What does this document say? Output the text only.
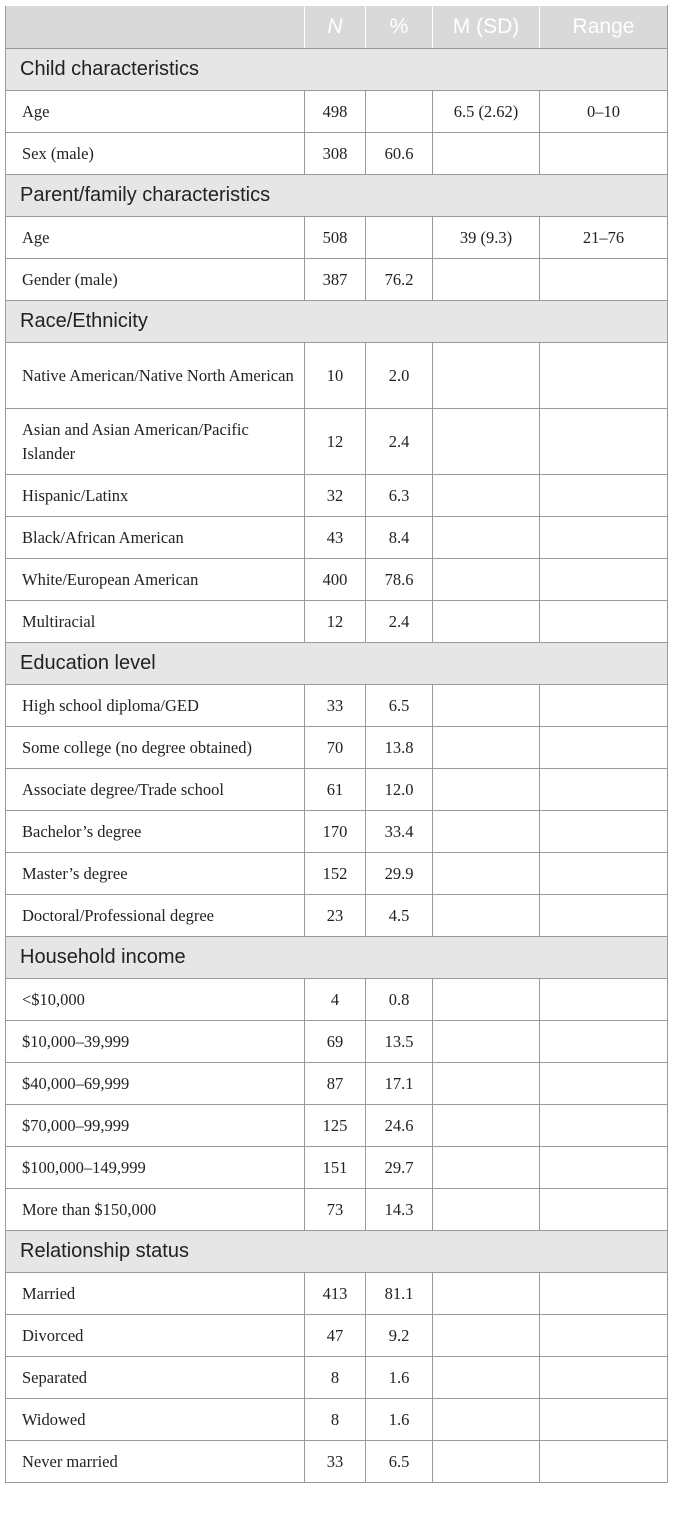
	N	%	M (SD)	Range
Child characteristics				
Age	498		6.5 (2.62)	0–10
Sex (male)	308	60.6		
Parent/family characteristics				
Age	508		39 (9.3)	21–76
Gender (male)	387	76.2		
Race/Ethnicity				
Native American/Native North American	10	2.0		
Asian and Asian American/Pacific Islander	12	2.4		
Hispanic/Latinx	32	6.3		
Black/African American	43	8.4		
White/European American	400	78.6		
Multiracial	12	2.4		
Education level				
High school diploma/GED	33	6.5		
Some college (no degree obtained)	70	13.8		
Associate degree/Trade school	61	12.0		
Bachelor’s degree	170	33.4		
Master’s degree	152	29.9		
Doctoral/Professional degree	23	4.5		
Household income				
<$10,000	4	0.8		
$10,000–39,999	69	13.5		
$40,000–69,999	87	17.1		
$70,000–99,999	125	24.6		
$100,000–149,999	151	29.7		
More than $150,000	73	14.3		
Relationship status				
Married	413	81.1		
Divorced	47	9.2		
Separated	8	1.6		
Widowed	8	1.6		
Never married	33	6.5		
